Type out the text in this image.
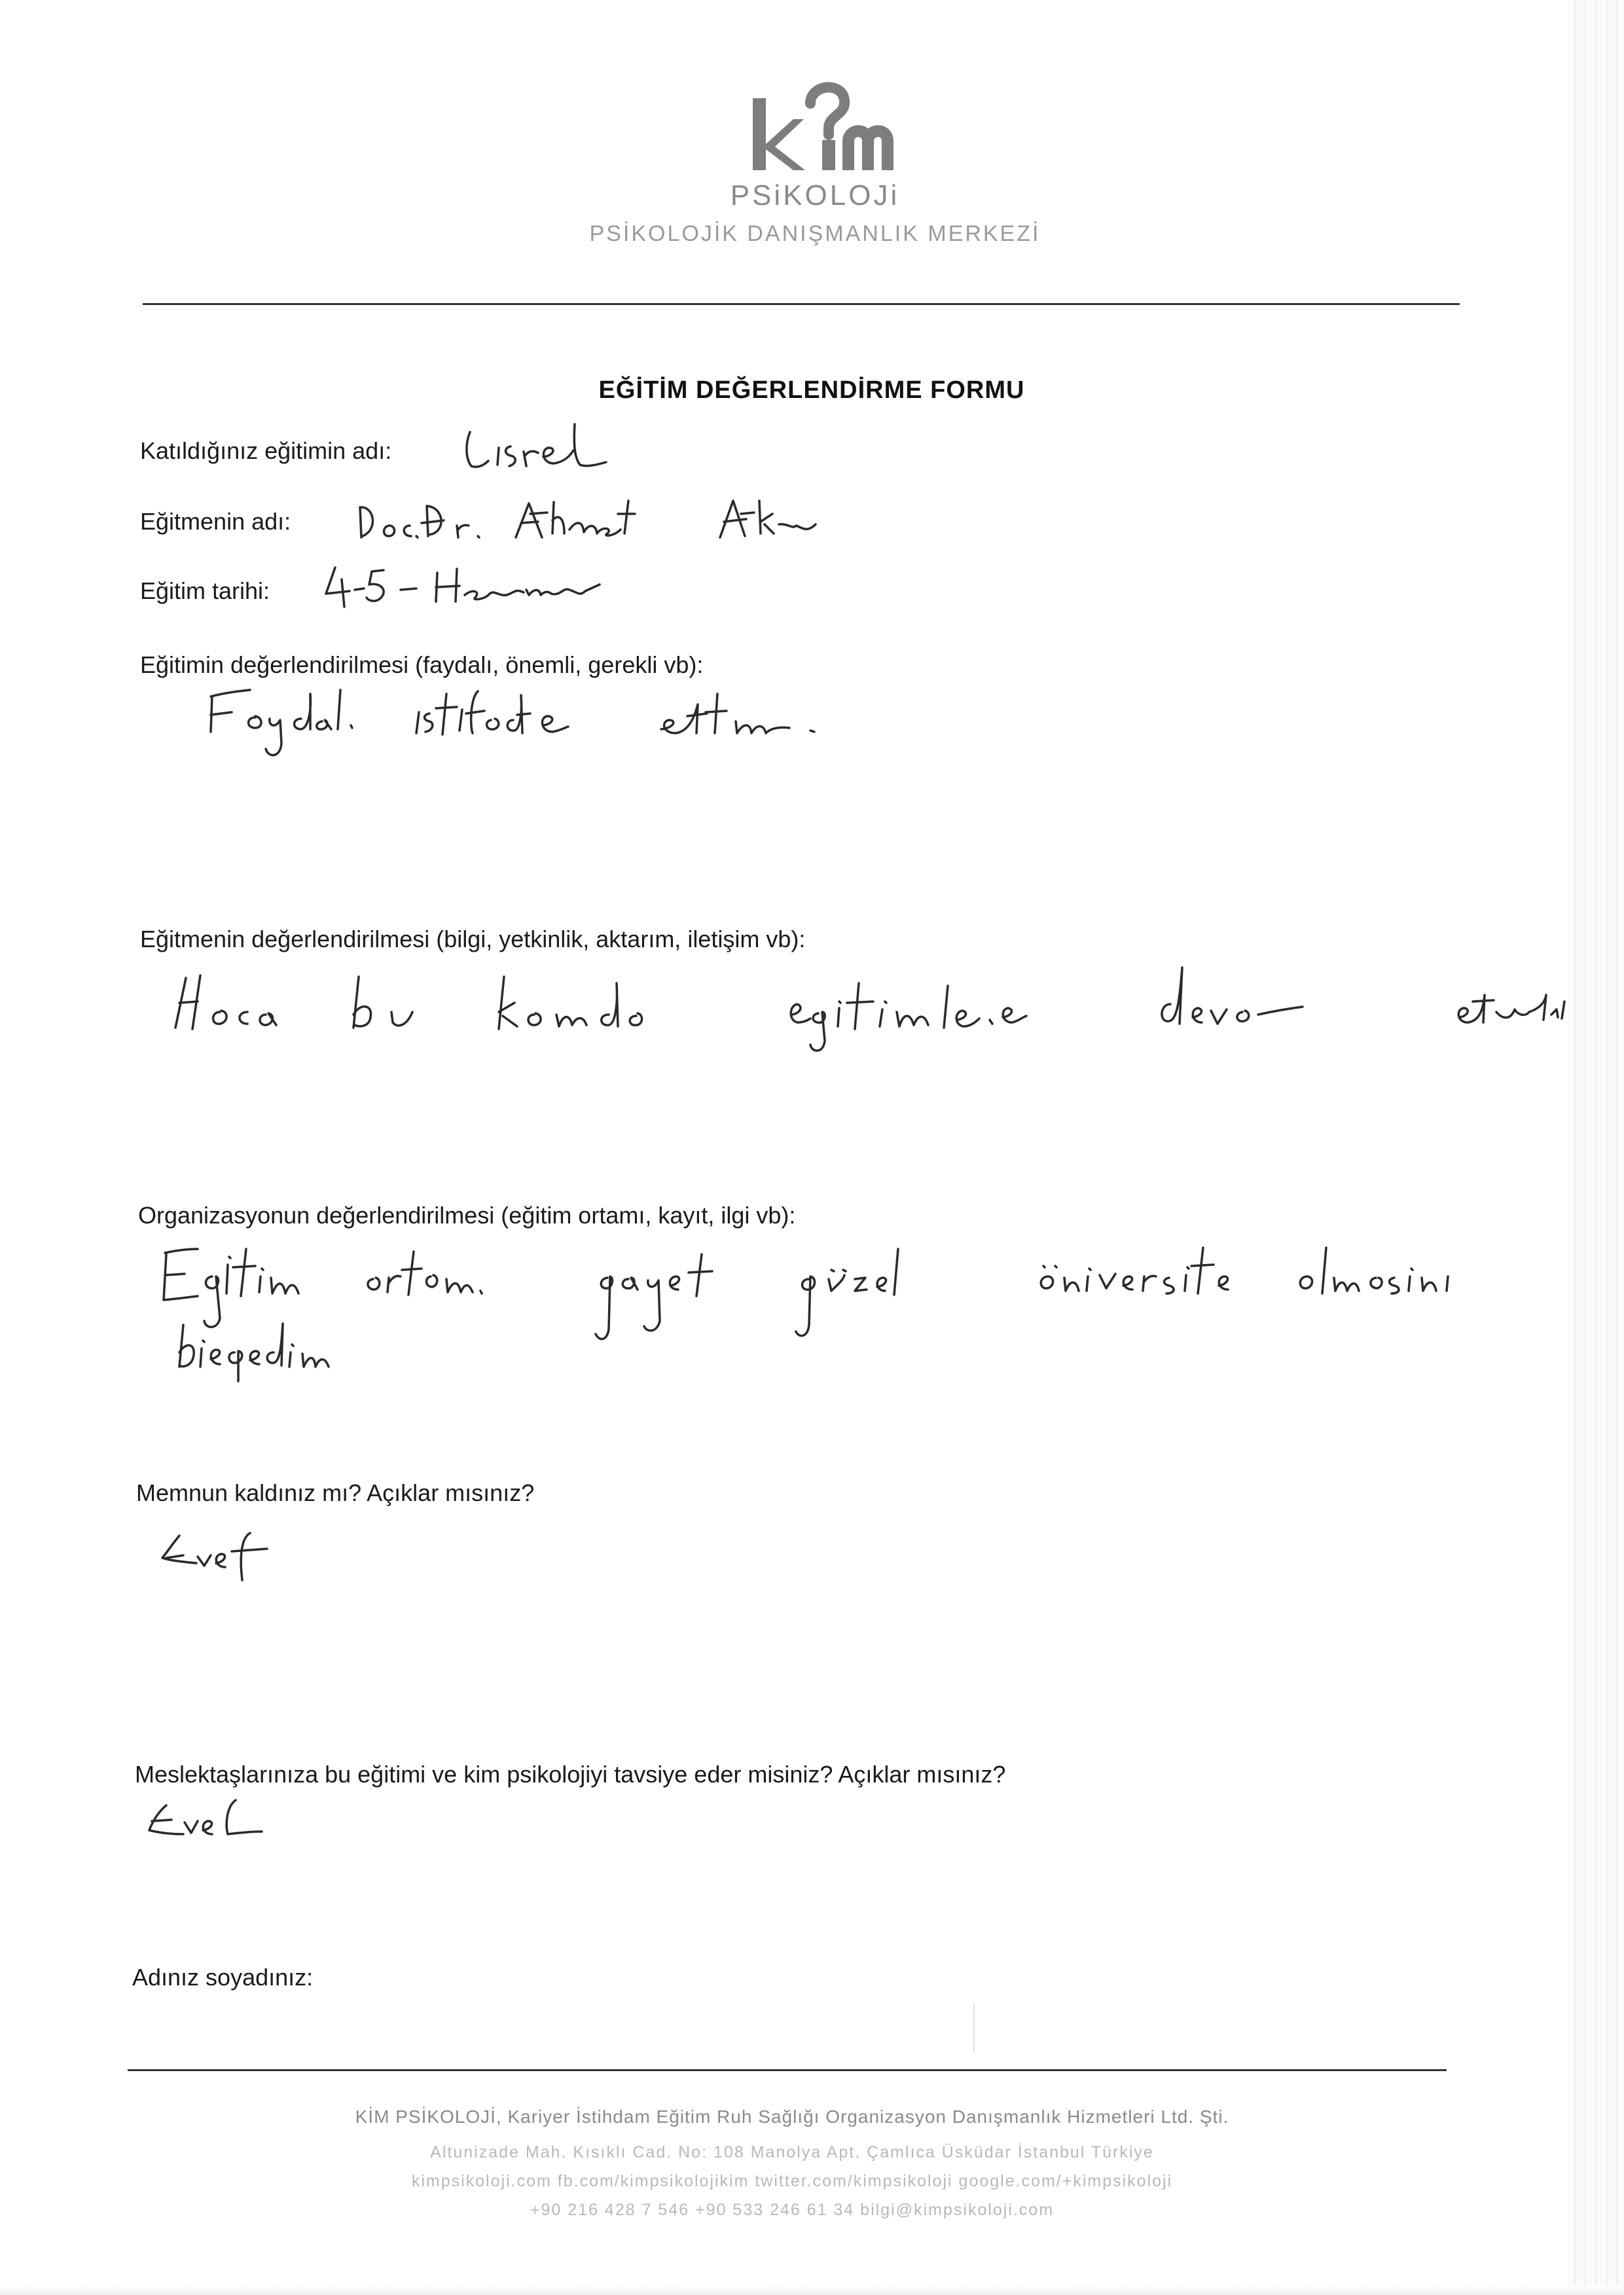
PSiKOLOJi
PSİKOLOJİK DANIŞMANLIK MERKEZİ
EĞİTİM DEĞERLENDİRME FORMU
Katıldığınız eğitimin adı:
Eğitmenin adı:
Eğitim tarihi:
Eğitimin değerlendirilmesi (faydalı, önemli, gerekli vb):
Eğitmenin değerlendirilmesi (bilgi, yetkinlik, aktarım, iletişim vb):
Organizasyonun değerlendirilmesi (eğitim ortamı, kayıt, ilgi vb):
Memnun kaldınız mı? Açıklar mısınız?
Meslektaşlarınıza bu eğitimi ve kim psikolojiyi tavsiye eder misiniz? Açıklar mısınız?
Adınız soyadınız:
KİM PSİKOLOJİ, Kariyer İstihdam Eğitim Ruh Sağlığı Organizasyon Danışmanlık Hizmetleri Ltd. Şti.
Altunizade Mah. Kısıklı Cad. No: 108 Manolya Apt. Çamlıca Üsküdar İstanbul Türkiye
kimpsikoloji.com fb.com/kimpsikolojikim twitter.com/kimpsikoloji google.com/+kimpsikoloji
+90 216 428 7 546 +90 533 246 61 34 bilgi@kimpsikoloji.com
